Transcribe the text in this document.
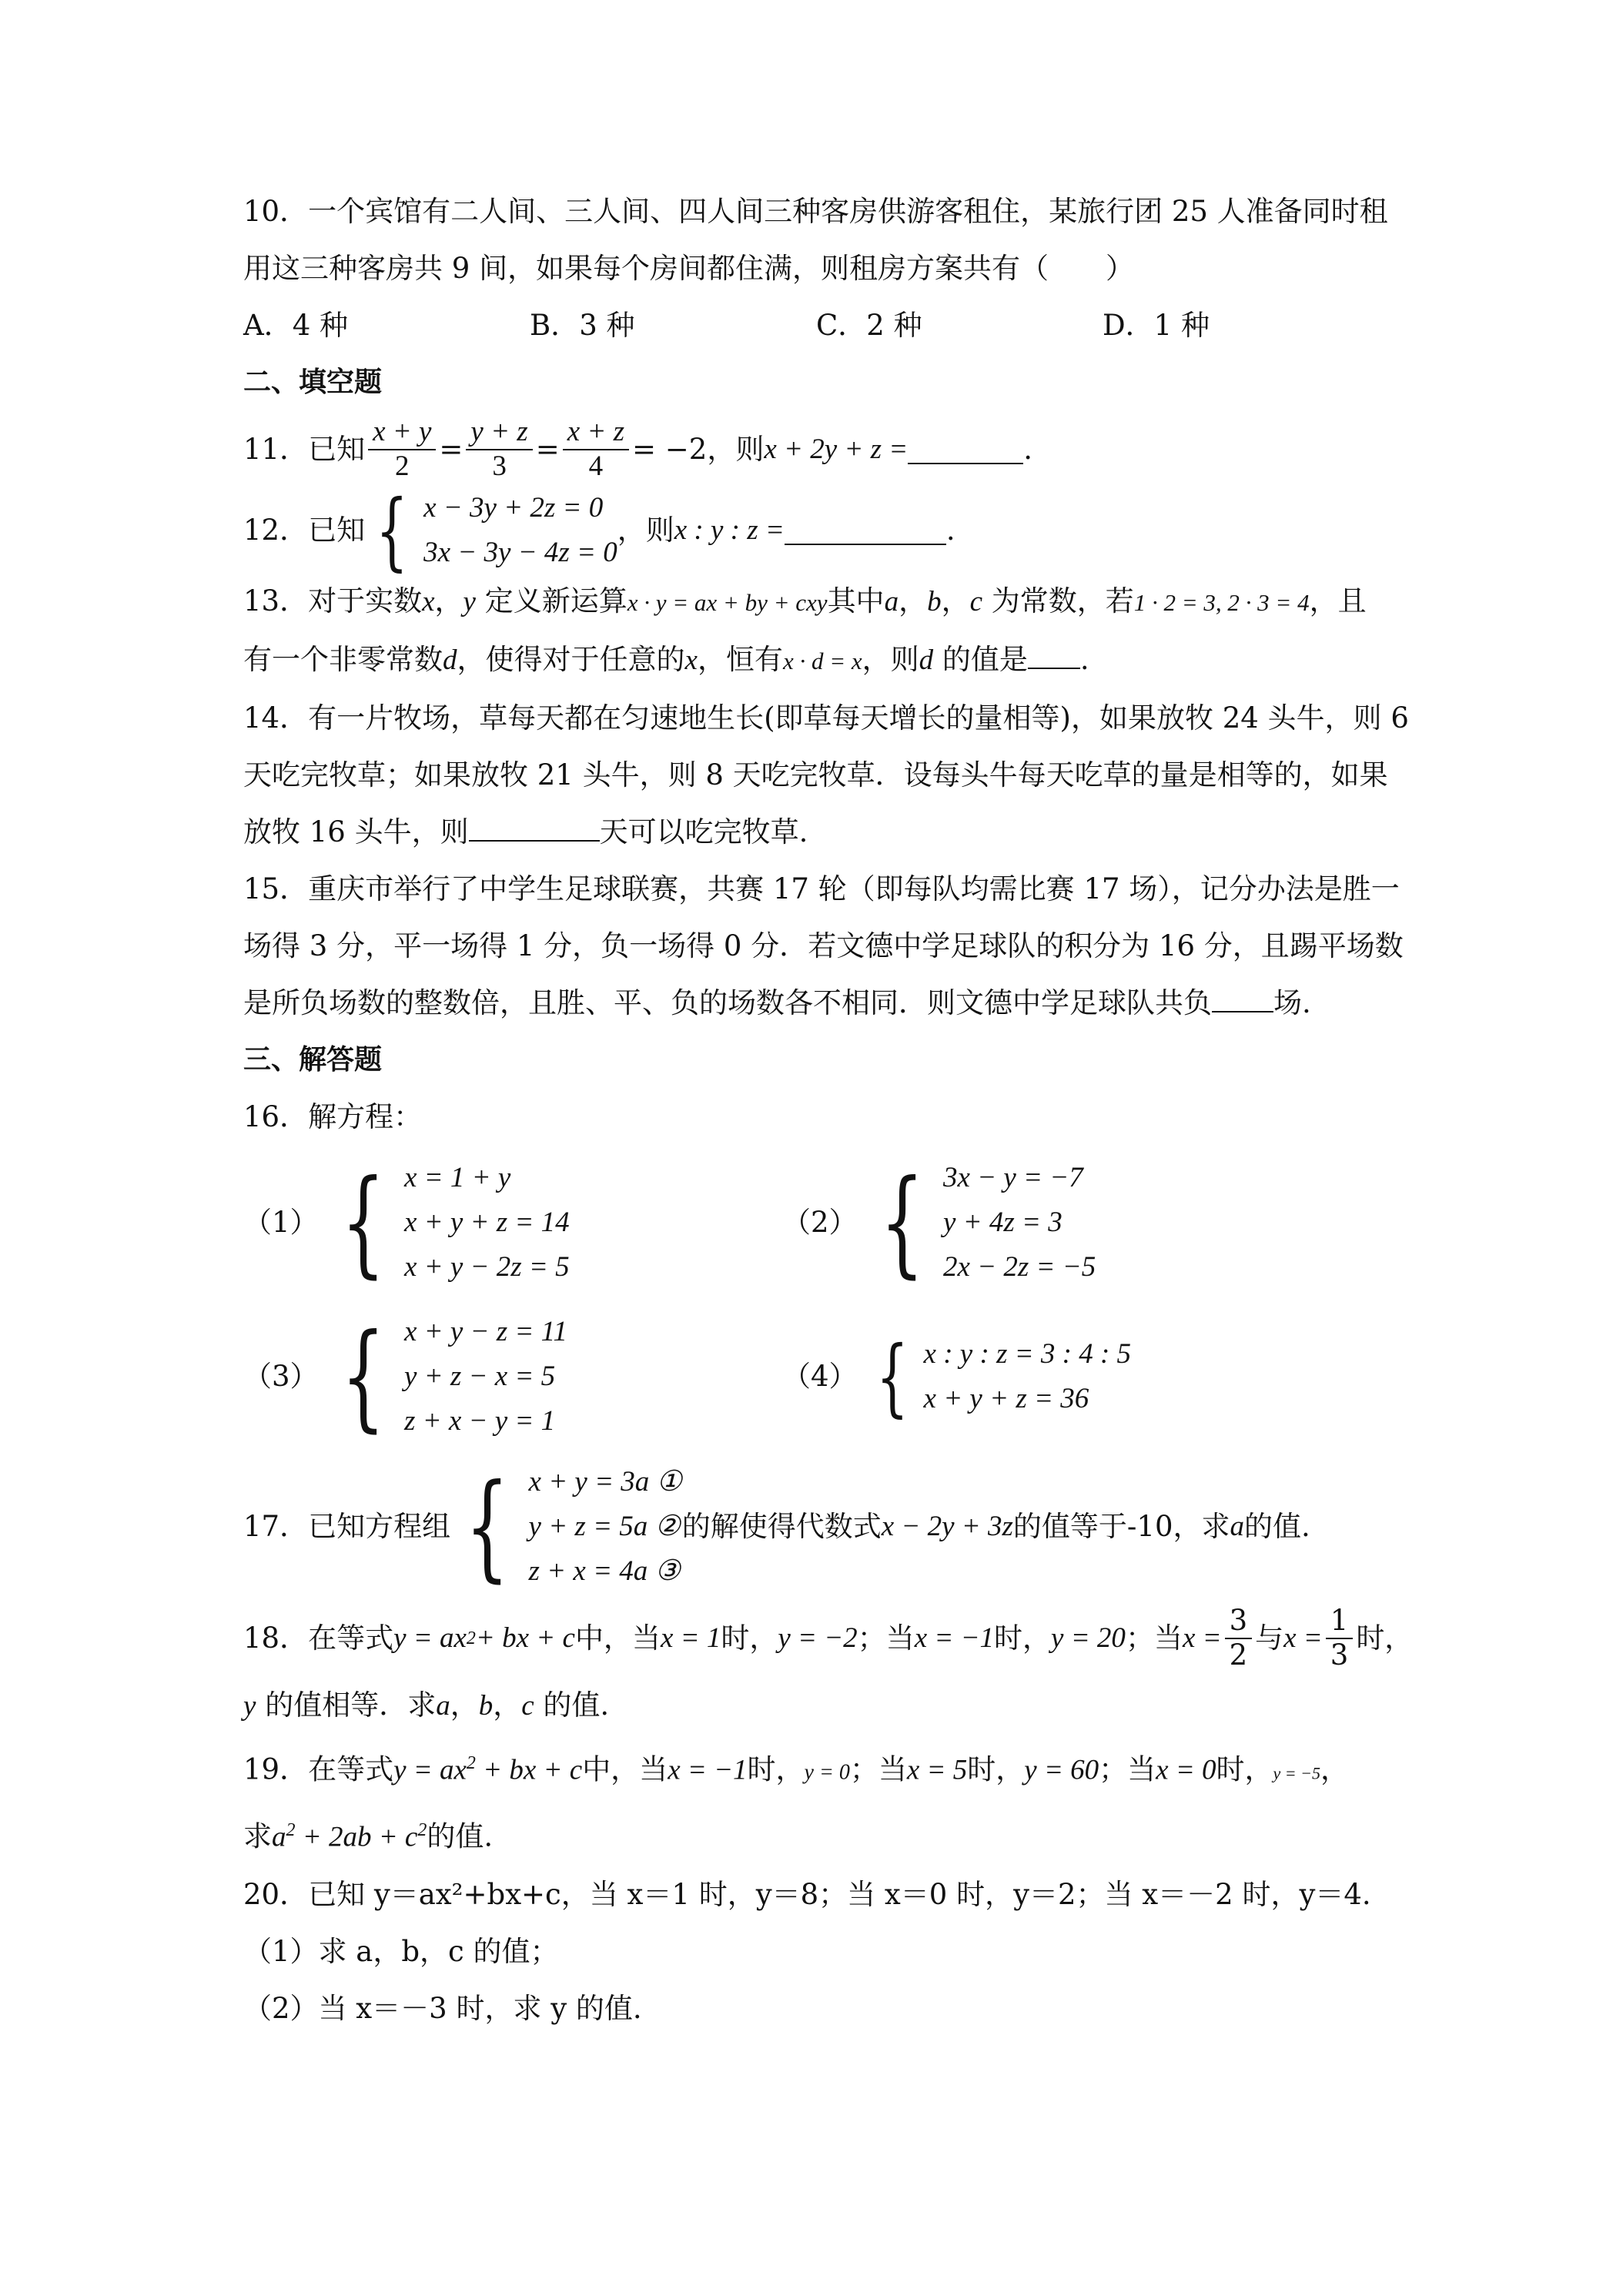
10．一个宾馆有二人间、三人间、四人间三种客房供游客租住，某旅行团 25 人准备同时租
用这三种客房共 9 间，如果每个房间都住满，则租房方案共有（　　）
A．4 种	B．3 种	C．2 种	D．1 种
二、填空题
11．已知 $\frac{x + y}{2} = \frac{y + z}{3} = \frac{x + z}{4} = -2$，则 x + 2y + z =	.
12．已知 { x − 3y + 2z = 0
3x − 3y − 4z = 0
，则 x : y : z =	.
13．对于实数x，y 定义新运算x · y = ax + by + cxy其中a，b，c 为常数，若1 · 2 = 3, 2 · 3 = 4，且
有一个非零常数d，使得对于任意的x，恒有x · d = x，则d 的值是 .
14．有一片牧场，草每天都在匀速地生长(即草每天增长的量相等)，如果放牧 24 头牛，则 6
天吃完牧草；如果放牧 21 头牛，则 8 天吃完牧草．设每头牛每天吃草的量是相等的，如果
放牧 16 头牛，则	天可以吃完牧草.
15．重庆市举行了中学生足球联赛，共赛 17 轮（即每队均需比赛 17 场），记分办法是胜一
场得 3 分，平一场得 1 分，负一场得 0 分．若文德中学足球队的积分为 16 分，且踢平场数
是所负场数的整数倍，且胜、平、负的场数各不相同．则文德中学足球队共负 场.
三、解答题
16．解方程：
（1） { x = 1 + y
x + y + z = 14
x + y − 2z = 5
（2） { 3x − y = −7
y + 4z = 3
2x − 2z = −5
（3） { x + y − z = 11
y + z − x = 5
z + x − y = 1
（4） { x : y : z = 3 : 4 : 5
x + y + z = 36
17．已知方程组 { x + y = 3a ①
y + z = 5a ②
z + x = 4a ③
的解使得代数式 x − 2y + 3z 的值等于-10，求 a 的值.
18．在等式 y = ax 2 + bx + c 中，当 x = 1 时， y = −2 ；当 x = −1 时， y = 20 ；当 $x = \frac{3}{2}$ 与 $x = \frac{1}{3}$ 时，
y 的值相等．求a，b，c 的值.
19．在等式$y = ax^2$ + bx + c中，当x = −1时，y = 0；当x = 5时，y = 60；当x = 0时，y = −5，
求$a^2 + 2ab + c^2$的值.
20．已知 y＝ax²+bx+c，当 x＝1 时，y＝8；当 x＝0 时，y＝2；当 x＝－2 时，y＝4.
（1）求 a，b，c 的值；
（2）当 x＝－3 时，求 y 的值.
